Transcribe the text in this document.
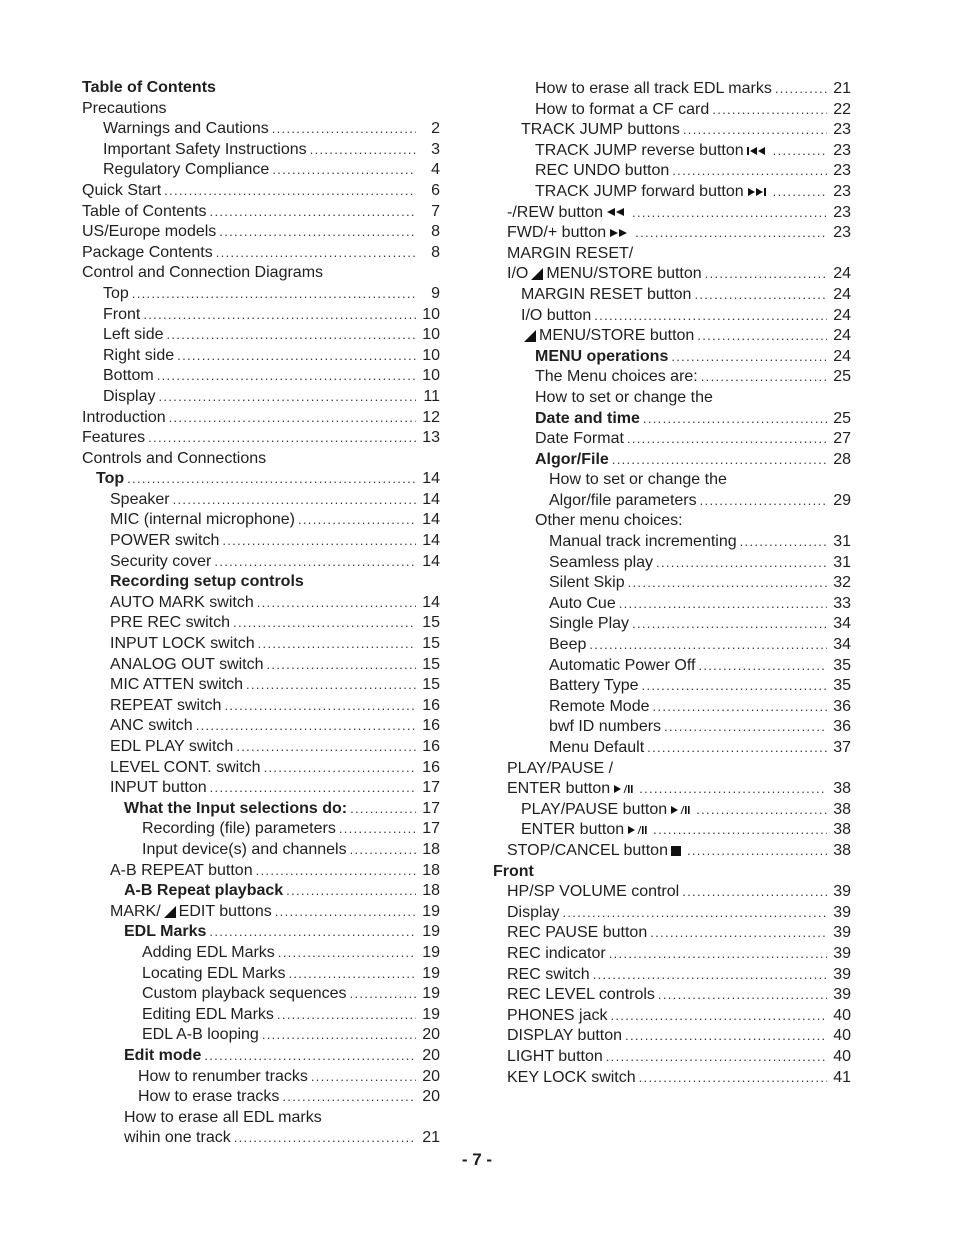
Table of Contents
Precautions
Warnings and Cautions .....	2
Important Safety Instructions .....	3
Regulatory Compliance .....	4
Quick Start .....	6
Table of Contents .....	7
US/Europe models .....	8
Package Contents .....	8
Control and Connection Diagrams
Top .....	9
Front .....	10
Left side .....	10
Right side .....	10
Bottom .....	10
Display .....	11
Introduction .....	12
Features .....	13
Controls and Connections
Top .....	14
Speaker .....	14
MIC (internal microphone) .....	14
POWER switch .....	14
Security cover .....	14
Recording setup controls
AUTO MARK switch .....	14
PRE REC switch .....	15
INPUT LOCK switch .....	15
ANALOG OUT switch .....	15
MIC ATTEN switch .....	15
REPEAT switch .....	16
ANC switch .....	16
EDL PLAY switch .....	16
LEVEL CONT. switch .....	16
INPUT button .....	17
What the Input selections do: .....	17
Recording (file) parameters .....	17
Input device(s) and channels .....	18
A-B REPEAT button .....	18
A-B Repeat playback .....	18
MARK/ EDIT buttons .....	19
EDL Marks .....	19
Adding EDL Marks .....	19
Locating EDL Marks .....	19
Custom playback sequences .....	19
Editing EDL Marks .....	19
EDL A-B looping .....	20
Edit mode .....	20
How to renumber tracks .....	20
How to erase tracks .....	20
How to erase all EDL marks
wihin one track .....	21
How to erase all track EDL marks .....	21
How to format a CF card .....	22
TRACK JUMP buttons .....	23
TRACK JUMP reverse button .....	23
REC UNDO button .....	23
TRACK JUMP forward button .....	23
-/REW button .....	23
FWD/+ button .....	23
MARGIN RESET/
I/O MENU/STORE button .....	24
MARGIN RESET button .....	24
I/O button .....	24
MENU/STORE button .....	24
MENU operations .....	24
The Menu choices are: .....	25
How to set or change the
Date and time .....	25
Date Format .....	27
Algor/File .....	28
How to set or change the
Algor/file parameters .....	29
Other menu choices:
Manual track incrementing .....	31
Seamless play .....	31
Silent Skip .....	32
Auto Cue .....	33
Single Play .....	34
Beep .....	34
Automatic Power Off .....	35
Battery Type .....	35
Remote Mode .....	36
bwf ID numbers .....	36
Menu Default .....	37
PLAY/PAUSE /
ENTER button .....	38
PLAY/PAUSE button .....	38
ENTER button .....	38
STOP/CANCEL button .....	38
Front
HP/SP VOLUME control .....	39
Display .....	39
REC PAUSE button .....	39
REC indicator .....	39
REC switch .....	39
REC LEVEL controls .....	39
PHONES jack .....	40
DISPLAY button .....	40
LIGHT button .....	40
KEY LOCK switch .....	41
- 7 -
